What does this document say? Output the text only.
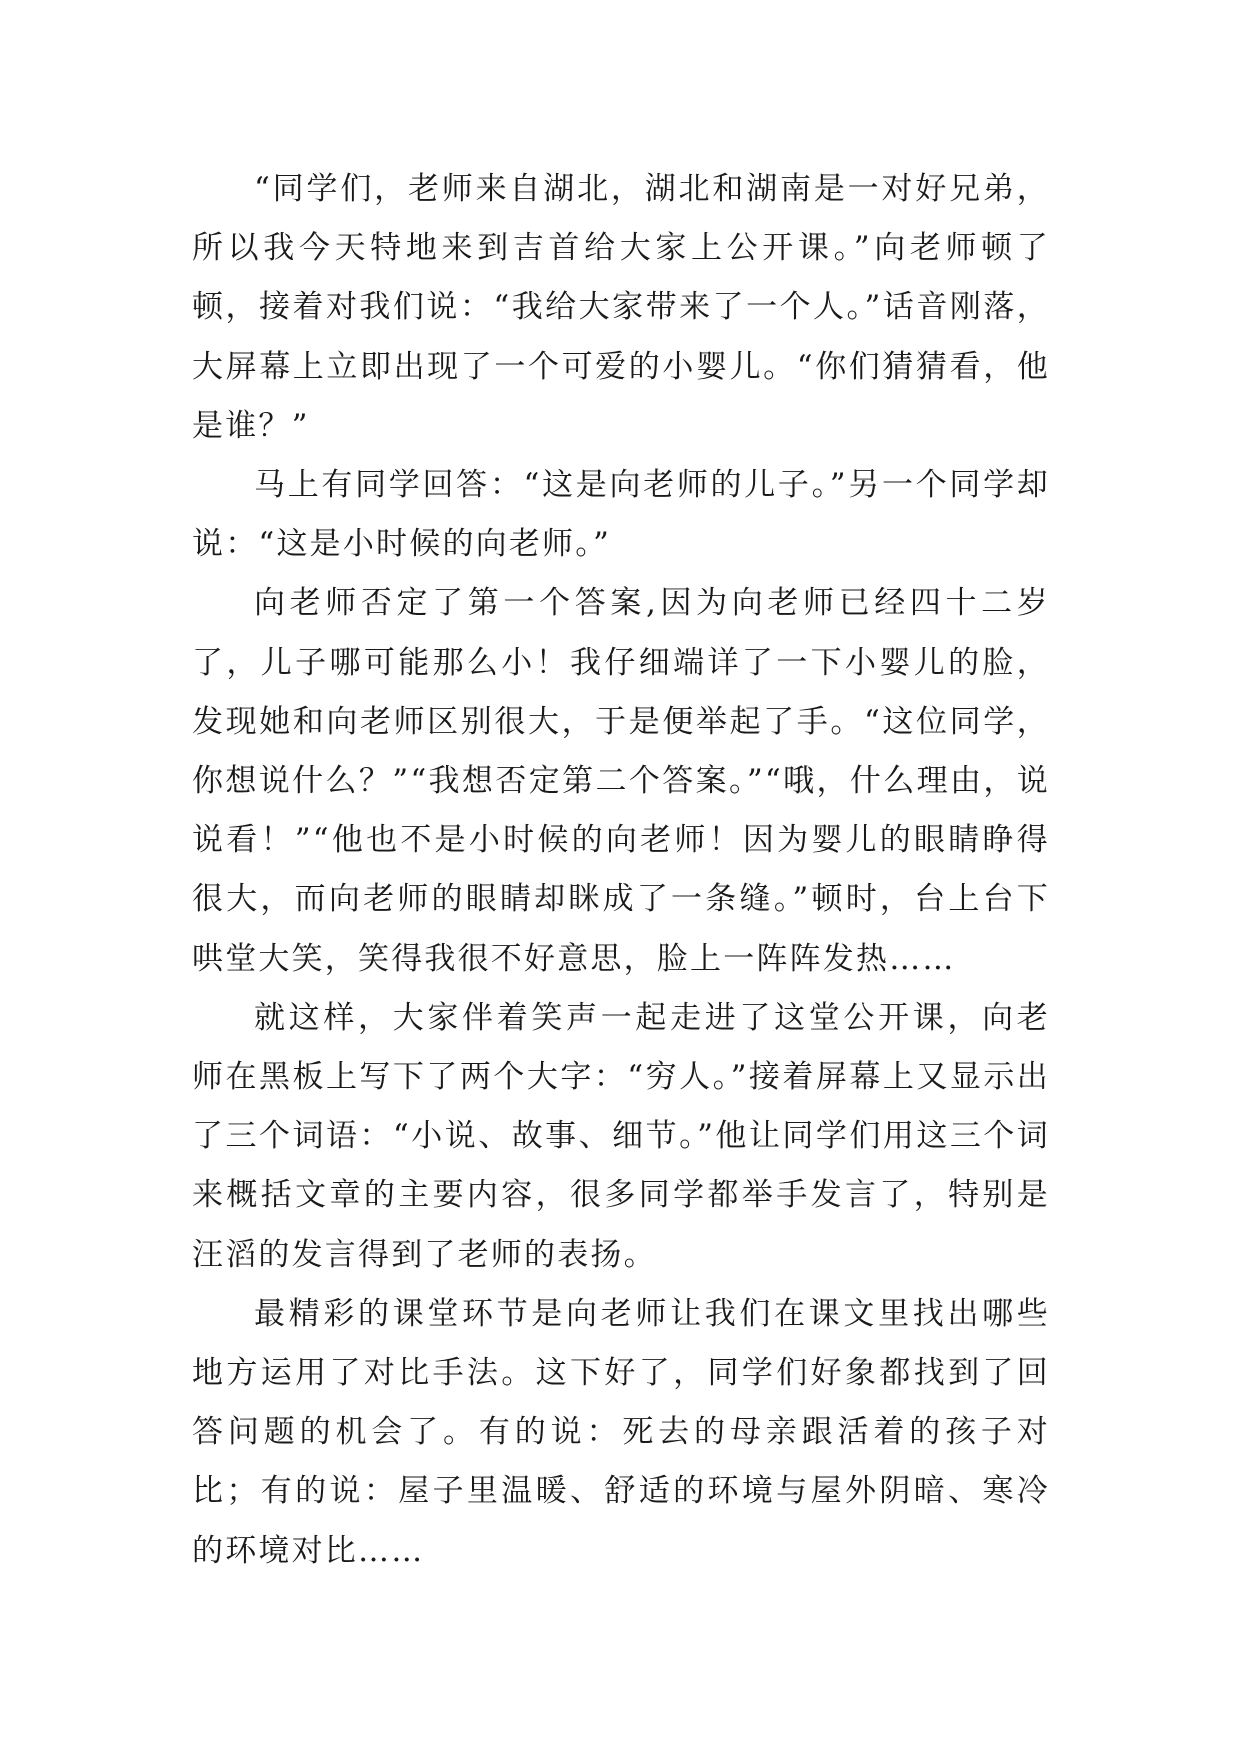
“同学们，老师来自湖北，湖北和湖南是一对好兄弟，所以我今天特地来到吉首给大家上公开课。”向老师顿了顿，接着对我们说：“我给大家带来了一个人。”话音刚落，大屏幕上立即出现了一个可爱的小婴儿。“你们猜猜看，他是谁？”

马上有同学回答：“这是向老师的儿子。”另一个同学却说：“这是小时候的向老师。”

向老师否定了第一个答案,因为向老师已经四十二岁了，儿子哪可能那么小！我仔细端详了一下小婴儿的脸，发现她和向老师区别很大，于是便举起了手。“这位同学，你想说什么？”“我想否定第二个答案。”“哦，什么理由，说说看！”“他也不是小时候的向老师！因为婴儿的眼睛睁得很大，而向老师的眼睛却眯成了一条缝。”顿时，台上台下哄堂大笑，笑得我很不好意思，脸上一阵阵发热……

就这样，大家伴着笑声一起走进了这堂公开课，向老师在黑板上写下了两个大字：“穷人。”接着屏幕上又显示出了三个词语：“小说、故事、细节。”他让同学们用这三个词来概括文章的主要内容，很多同学都举手发言了，特别是汪滔的发言得到了老师的表扬。

最精彩的课堂环节是向老师让我们在课文里找出哪些地方运用了对比手法。这下好了，同学们好象都找到了回答问题的机会了。有的说：死去的母亲跟活着的孩子对比；有的说：屋子里温暖、舒适的环境与屋外阴暗、寒冷的环境对比……
